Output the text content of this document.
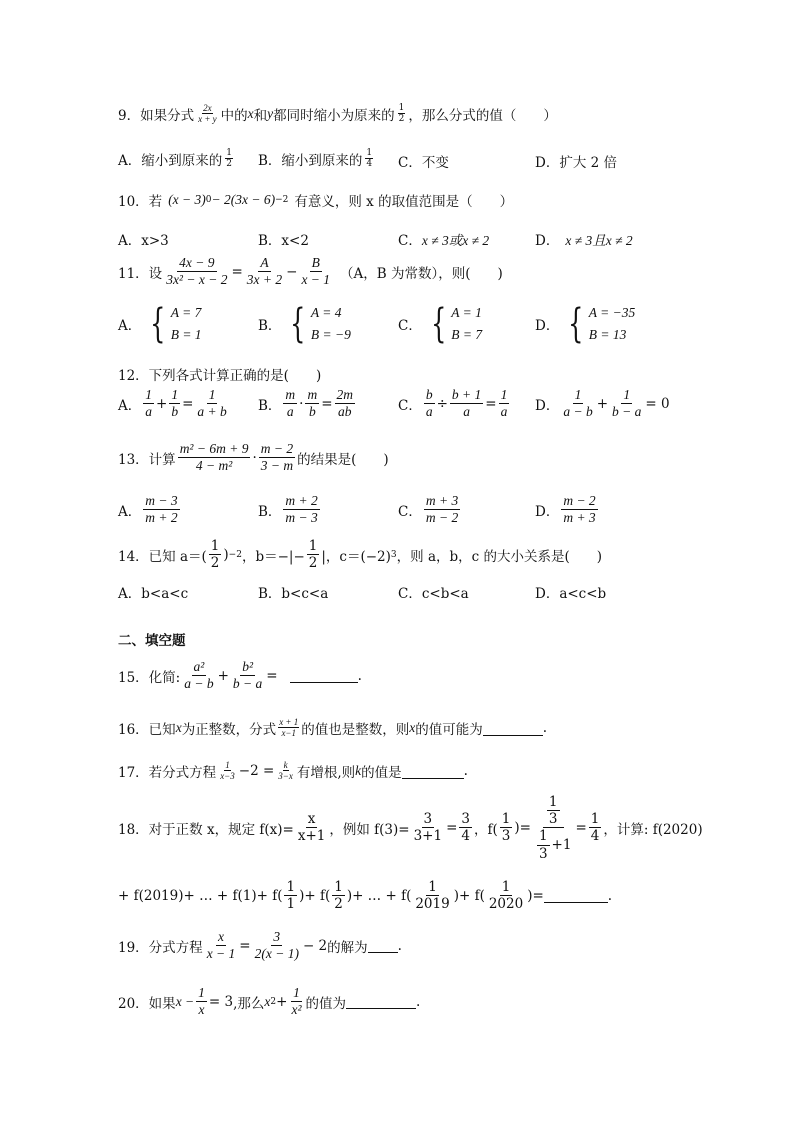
9．如果分式 $\frac{2x}{x + y}$ 中的 x 和 y 都同时缩小为原来的 $\frac{1}{2}$ ，那么分式的值（　　）
A．缩小到原来的 $\frac{1}{2}$ B．缩小到原来的 $\frac{1}{4}$ C．不变	D．扩大 2 倍
10．若 (x − 3) 0 − 2(3x − 6) −2 有意义，则 x 的取值范围是（　　）
A．x>3	B．x<2	C． x ≠ 3或x ≠ 2	D． x ≠ 3且x ≠ 2
11．设 $\frac{4x - 9}{\text{3x² − x − 2}} = \frac{A}{3x + 2} - \frac{B}{x - 1} (A$，B 为常数），则(　　)
A． { A = 7
B = 1
B． { A = 4
B = −9
C． { A = 1
B = 7
D． { A = −35
B = 13
12．下列各式计算正确的是(　　)
A． $\frac{1}{a} + \frac{1}{b} = \frac{1}{a + b}$ B． $\frac{m}{a} \cdot \frac{m}{b} = \frac{2m}{ab}$	C． $\frac{b}{a} \div \frac{b + 1}{a} = \frac{1}{a}$ D． $\frac{1}{a - b} + \frac{1}{b - a} = 0$
13．计算 $\frac{\text{m² − 6m + 9}}{\text{4 − m²}} \cdot \frac{m - 2}{3 - m}$ 的结果是(　　)
A． $\frac{m - 3}{m + 2}$	B． $\frac{m + 2}{m - 3}$	C． $\frac{m + 3}{m - 2}$	D． $\frac{m - 2}{m + 3}$
14．已知 $a=( \frac{1}{2}$ ) −2 ，$b=-|- \frac{1}{2}$ |，c＝(−2) 3 ，则 a，b，c 的大小关系是(　　)
A．b<a<c	B．b<c<a	C．c<b<a	D．a<c<b
二、填空题
15．化简: $\frac{\text{a²}}{a - b} + \frac{\text{b²}}{b - a}$ =	.
16．已知 x 为正整数，分式 $\frac{x + 1}{x-1}$ 的值也是整数，则 x 的值可能为	.
17．若分式方程 $\frac{1}{x-3} -2 = \frac{k}{3-x}$ 有增根,则 k 的值是	.
18．对于正数 x，规定 $f(x)= \frac{x}{x+1}$ ，例如 $f(3)= \frac{3}{3+1} = \frac{3}{4}$ ，$f( \frac{1}{3}$ )= $\frac{\frac{1}{3}}{\frac{1}{3} +1} = \frac{1}{4}$ ，计算: f(2020)
+ f(2019)+ … + $f(1)+ f( \frac{1}{1}$ )+ $f( \frac{1}{2}$ )+ … + $f( \frac{1}{2019}$ )+ $f( \frac{1}{2020}$ )=	.
19．分式方程 $\frac{x}{x - 1} = \frac{3}{2(x - 1)} - 2$ 的解为 .
20．如果 $x - \frac{1}{x} = 3$ ,那么 x $2 + \frac{1}{\text{x²}}$ 的值为	.
